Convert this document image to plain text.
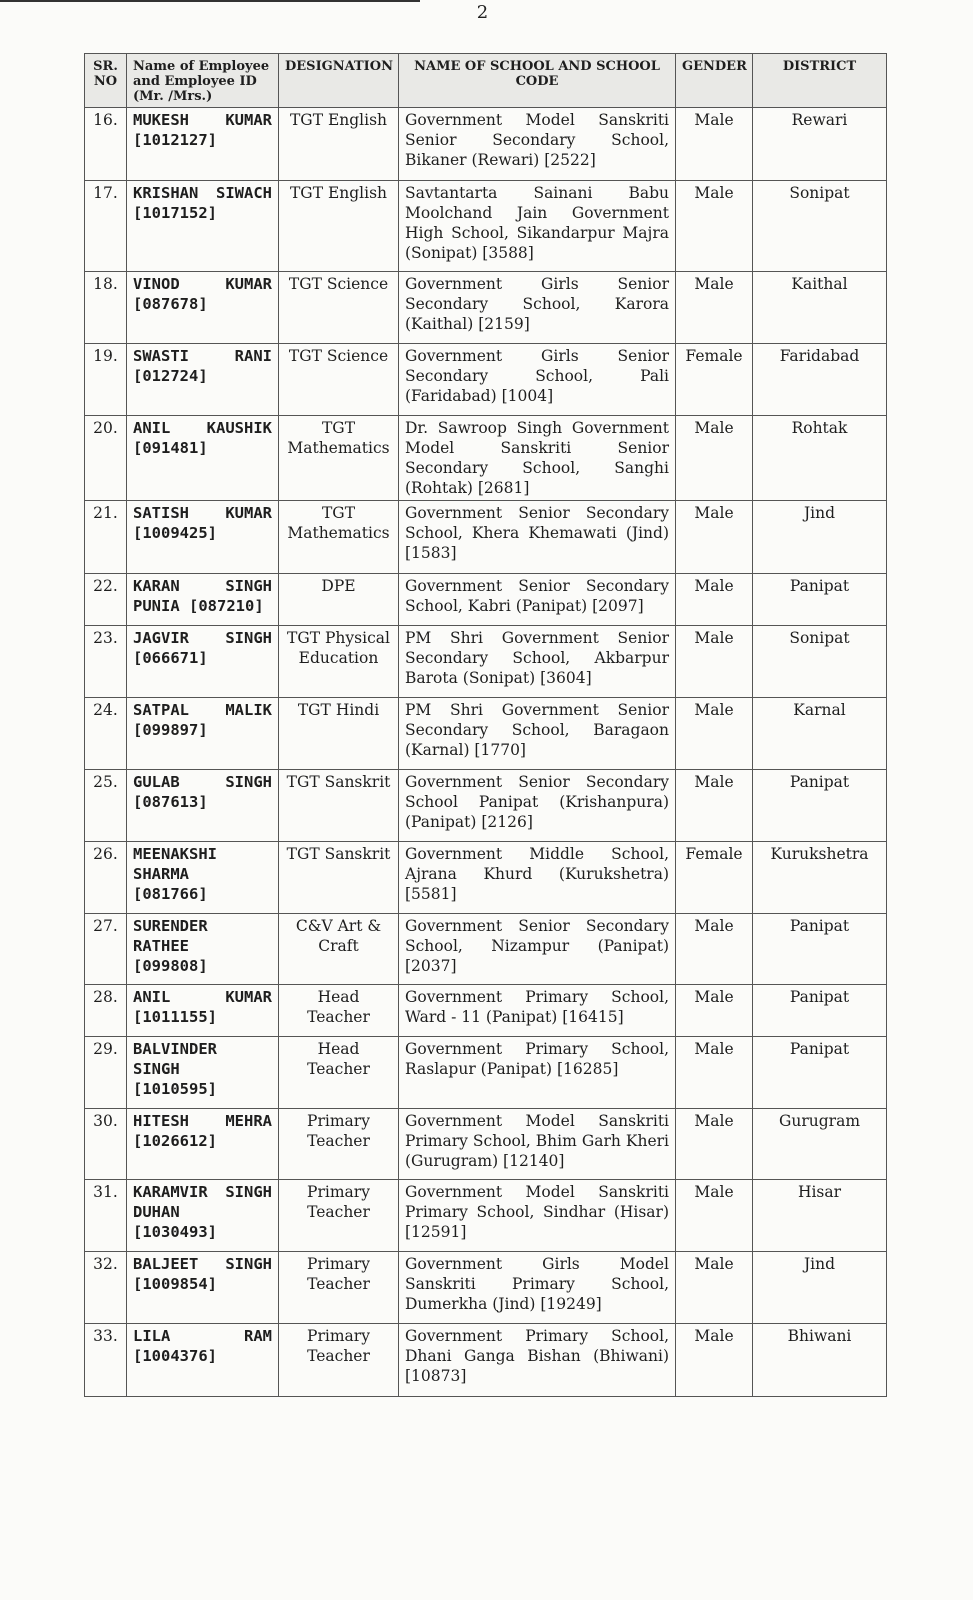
2
SR. NO	Name of Employee and Employee ID (Mr. /Mrs.)	DESIGNATION	NAME OF SCHOOL AND SCHOOL CODE	GENDER	DISTRICT
16.	MUKESH KUMAR [1012127]	TGT English	Government Model Sanskriti Senior Secondary School, Bikaner (Rewari) [2522]	Male	Rewari
17.	KRISHAN SIWACH [1017152]	TGT English	Savtantarta Sainani Babu Moolchand Jain Government High School, Sikandarpur Majra (Sonipat) [3588]	Male	Sonipat
18.	VINOD KUMAR [087678]	TGT Science	Government Girls Senior Secondary School, Karora (Kaithal) [2159]	Male	Kaithal
19.	SWASTI RANI [012724]	TGT Science	Government Girls Senior Secondary School, Pali (Faridabad) [1004]	Female	Faridabad
20.	ANIL KAUSHIK [091481]	TGT Mathematics	Dr. Sawroop Singh Government Model Sanskriti Senior Secondary School, Sanghi (Rohtak) [2681]	Male	Rohtak
21.	SATISH KUMAR [1009425]	TGT Mathematics	Government Senior Secondary School, Khera Khemawati (Jind) [1583]	Male	Jind
22.	KARAN SINGH PUNIA [087210]	DPE	Government Senior Secondary School, Kabri (Panipat) [2097]	Male	Panipat
23.	JAGVIR SINGH [066671]	TGT Physical Education	PM Shri Government Senior Secondary School, Akbarpur Barota (Sonipat) [3604]	Male	Sonipat
24.	SATPAL MALIK [099897]	TGT Hindi	PM Shri Government Senior Secondary School, Baragaon (Karnal) [1770]	Male	Karnal
25.	GULAB SINGH [087613]	TGT Sanskrit	Government Senior Secondary School Panipat (Krishanpura) (Panipat) [2126]	Male	Panipat
26.	MEENAKSHI SHARMA [081766]	TGT Sanskrit	Government Middle School, Ajrana Khurd (Kurukshetra) [5581]	Female	Kurukshetra
27.	SURENDER RATHEE [099808]	C&V Art & Craft	Government Senior Secondary School, Nizampur (Panipat) [2037]	Male	Panipat
28.	ANIL KUMAR [1011155]	Head Teacher	Government Primary School, Ward - 11 (Panipat) [16415]	Male	Panipat
29.	BALVINDER SINGH [1010595]	Head Teacher	Government Primary School, Raslapur (Panipat) [16285]	Male	Panipat
30.	HITESH MEHRA [1026612]	Primary Teacher	Government Model Sanskriti Primary School, Bhim Garh Kheri (Gurugram) [12140]	Male	Gurugram
31.	KARAMVIR SINGH DUHAN [1030493]	Primary Teacher	Government Model Sanskriti Primary School, Sindhar (Hisar) [12591]	Male	Hisar
32.	BALJEET SINGH [1009854]	Primary Teacher	Government Girls Model Sanskriti Primary School, Dumerkha (Jind) [19249]	Male	Jind
33.	LILA RAM [1004376]	Primary Teacher	Government Primary School, Dhani Ganga Bishan (Bhiwani) [10873]	Male	Bhiwani
